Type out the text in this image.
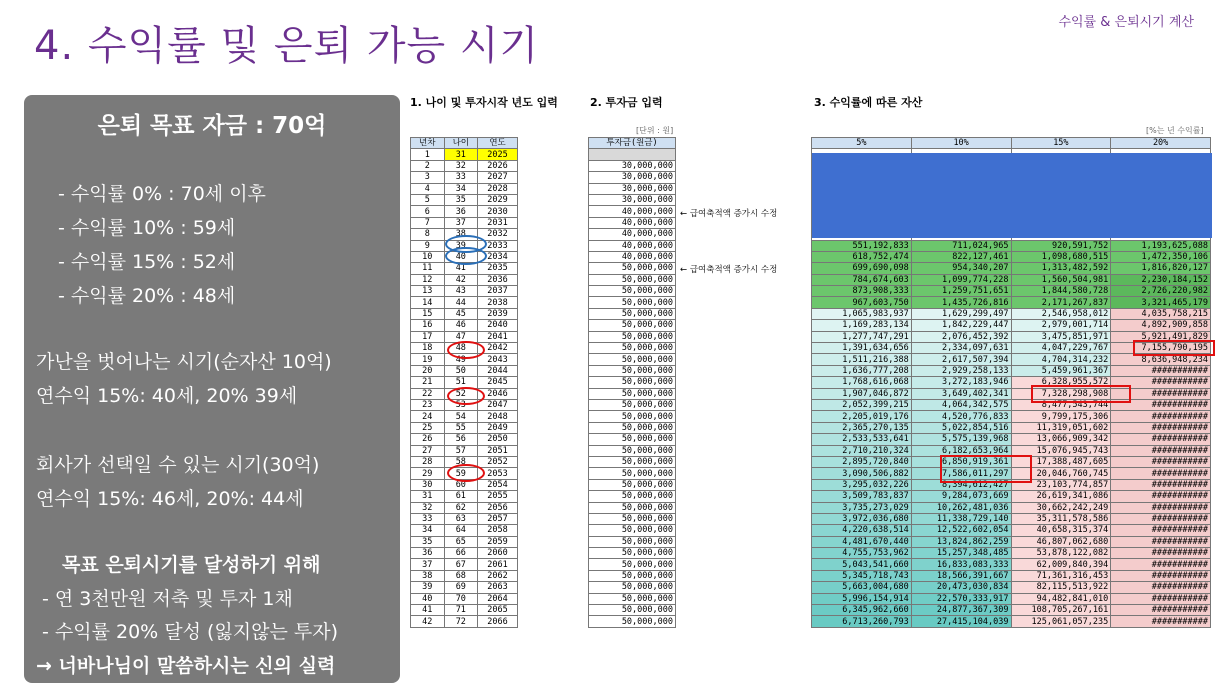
수익률 & 은퇴시기 계산
4. 수익률 및 은퇴 가능 시기
은퇴 목표 자금 : 70억
- 수익률 0% : 70세 이후
- 수익률 10% : 59세
- 수익률 15% : 52세
- 수익률 20% : 48세
가난을 벗어나는 시기(순자산 10억)
연수익 15%: 40세, 20% 39세
회사가 선택일 수 있는 시기(30억)
연수익 15%: 46세, 20%: 44세
목표 은퇴시기를 달성하기 위해
- 연 3천만원 저축 및 투자 1채
- 수익률 20% 달성 (잃지않는 투자)
→ 너바나님이 말씀하시는 신의 실력
1. 나이 및 투자시작 년도 입력	2. 투자금 입력	3. 수익률에 따른 자산
[단위 : 원]	[%는 년 수익률]
년차	나이	연도
1	31	2025
2	32	2026
3	33	2027
4	34	2028
5	35	2029
6	36	2030
7	37	2031
8	38	2032
9	39	2033
10	40	2034
11	41	2035
12	42	2036
13	43	2037
14	44	2038
15	45	2039
16	46	2040
17	47	2041
18	48	2042
19	49	2043
20	50	2044
21	51	2045
22	52	2046
23	53	2047
24	54	2048
25	55	2049
26	56	2050
27	57	2051
28	58	2052
29	59	2053
30	60	2054
31	61	2055
32	62	2056
33	63	2057
34	64	2058
35	65	2059
36	66	2060
37	67	2061
38	68	2062
39	69	2063
40	70	2064
41	71	2065
42	72	2066
투자금(원금)

30,000,000
30,000,000
30,000,000
30,000,000
40,000,000
40,000,000
40,000,000
40,000,000
40,000,000
50,000,000
50,000,000
50,000,000
50,000,000
50,000,000
50,000,000
50,000,000
50,000,000
50,000,000
50,000,000
50,000,000
50,000,000
50,000,000
50,000,000
50,000,000
50,000,000
50,000,000
50,000,000
50,000,000
50,000,000
50,000,000
50,000,000
50,000,000
50,000,000
50,000,000
50,000,000
50,000,000
50,000,000
50,000,000
50,000,000
50,000,000
50,000,000
← 급여축적액 증가시 수정
← 급여축적액 증가시 수정
5%	10%	15%	20%

551,192,833	711,024,965	920,591,752	1,193,625,088
618,752,474	822,127,461	1,098,680,515	1,472,350,106
699,690,098	954,340,207	1,313,482,592	1,816,820,127
784,674,603	1,099,774,228	1,560,504,981	2,230,184,152
873,908,333	1,259,751,651	1,844,580,728	2,726,220,982
967,603,750	1,435,726,816	2,171,267,837	3,321,465,179
1,065,983,937	1,629,299,497	2,546,958,012	4,035,758,215
1,169,283,134	1,842,229,447	2,979,001,714	4,892,909,858
1,277,747,291	2,076,452,392	3,475,851,971	5,921,491,829
1,391,634,656	2,334,097,631	4,047,229,767	7,155,790,195
1,511,216,388	2,617,507,394	4,704,314,232	8,636,948,234
1,636,777,208	2,929,258,133	5,459,961,367	###########
1,768,616,068	3,272,183,946	6,328,955,572	###########
1,907,046,872	3,649,402,341	7,328,298,908	###########
2,052,399,215	4,064,342,575	8,477,543,744	###########
2,205,019,176	4,520,776,833	9,799,175,306	###########
2,365,270,135	5,022,854,516	11,319,051,602	###########
2,533,533,641	5,575,139,968	13,066,909,342	###########
2,710,210,324	6,182,653,964	15,076,945,743	###########
2,895,720,840	6,850,919,361	17,388,487,605	###########
3,090,506,882	7,586,011,297	20,046,760,745	###########
3,295,032,226	8,394,612,427	23,103,774,857	###########
3,509,783,837	9,284,073,669	26,619,341,086	###########
3,735,273,029	10,262,481,036	30,662,242,249	###########
3,972,036,680	11,338,729,140	35,311,578,586	###########
4,220,638,514	12,522,602,054	40,658,315,374	###########
4,481,670,440	13,824,862,259	46,807,062,680	###########
4,755,753,962	15,257,348,485	53,878,122,082	###########
5,043,541,660	16,833,083,333	62,009,840,394	###########
5,345,718,743	18,566,391,667	71,361,316,453	###########
5,663,004,680	20,473,030,834	82,115,513,922	###########
5,996,154,914	22,570,333,917	94,482,841,010	###########
6,345,962,660	24,877,367,309	108,705,267,161	###########
6,713,260,793	27,415,104,039	125,061,057,235	###########
